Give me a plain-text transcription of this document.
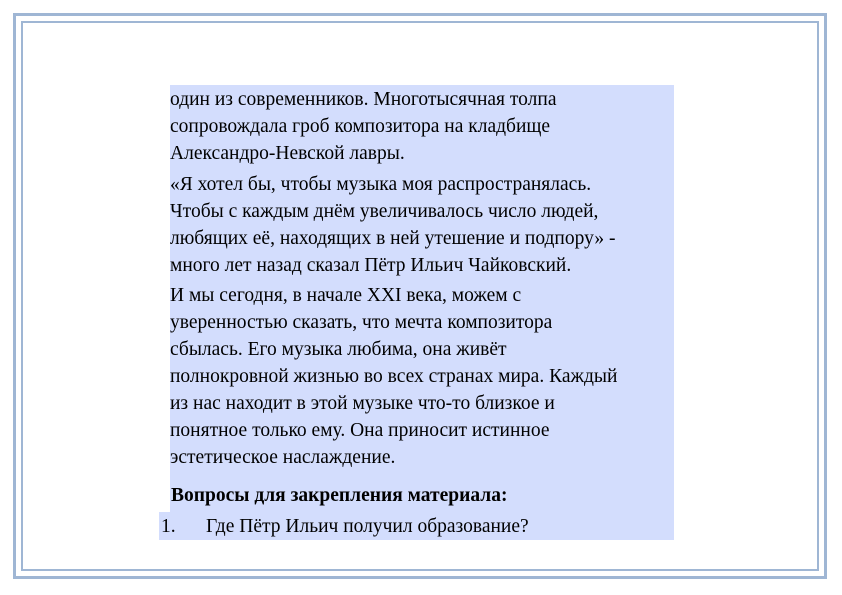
один из современников. Многотысячная толпа
сопровождала гроб композитора на кладбище
Александро-Невской лавры.
«Я хотел бы, чтобы музыка моя распространялась.
Чтобы с каждым днём увеличивалось число людей,
любящих её, находящих в ней утешение и подпору» -
много лет назад сказал Пётр Ильич Чайковский.
И мы сегодня, в начале XXI века, можем с
уверенностью сказать, что мечта композитора
сбылась. Его музыка любима, она живёт
полнокровной жизнью во всех странах мира. Каждый
из нас находит в этой музыке что-то близкое и
понятное только ему. Она приносит истинное
эстетическое наслаждение.
Вопросы для закрепления материала:
1. Где Пётр Ильич получил образование?
